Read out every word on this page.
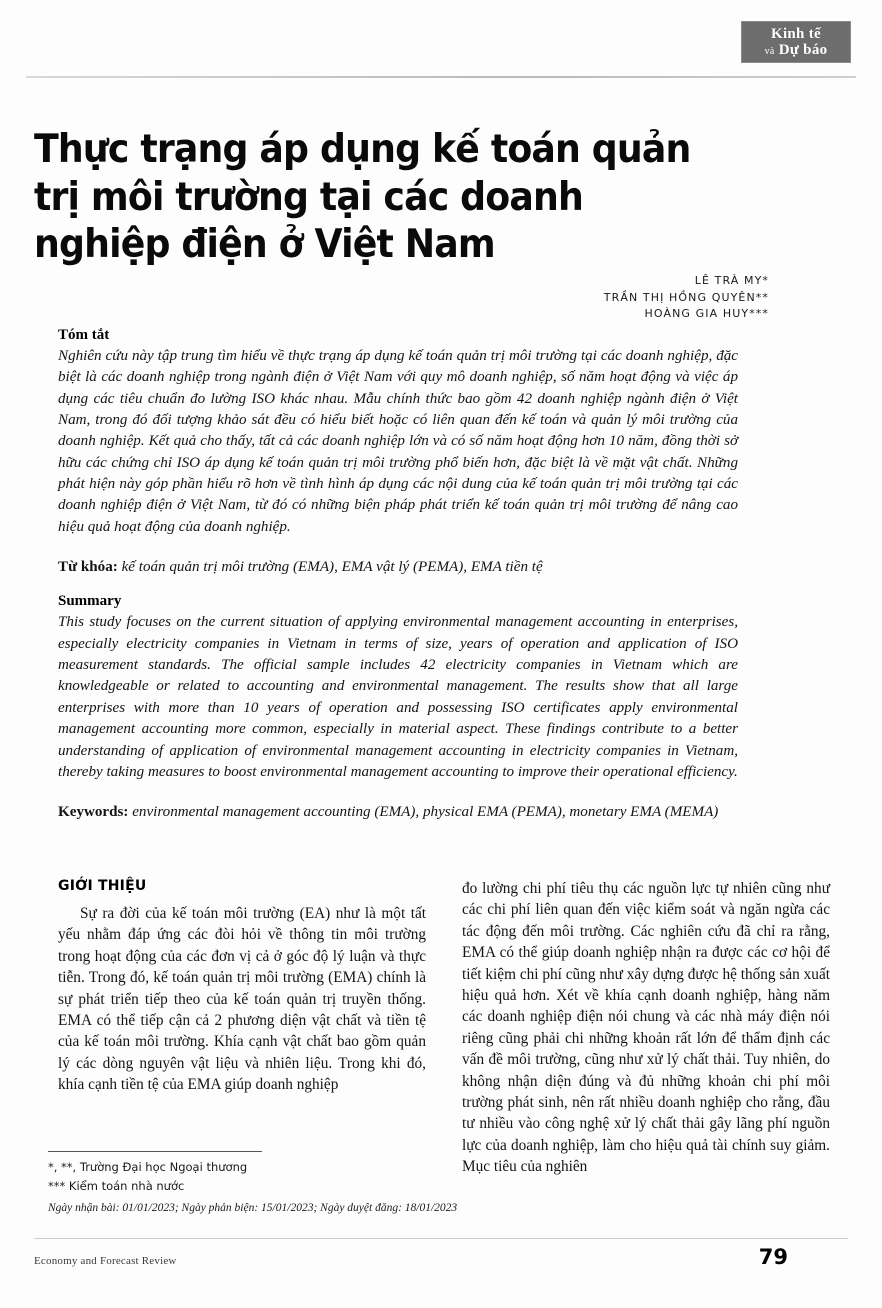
Kinh tế
và Dự báo
Thực trạng áp dụng kế toán quản trị môi trường tại các doanh nghiệp điện ở Việt Nam
LÊ TRÀ MY*
TRẦN THỊ HỒNG QUYÊN**
HOÀNG GIA HUY***
Tóm tắt

Nghiên cứu này tập trung tìm hiểu về thực trạng áp dụng kế toán quản trị môi trường tại các doanh nghiệp, đặc biệt là các doanh nghiệp trong ngành điện ở Việt Nam với quy mô doanh nghiệp, số năm hoạt động và việc áp dụng các tiêu chuẩn đo lường ISO khác nhau. Mẫu chính thức bao gồm 42 doanh nghiệp ngành điện ở Việt Nam, trong đó đối tượng khảo sát đều có hiểu biết hoặc có liên quan đến kế toán và quản lý môi trường của doanh nghiệp. Kết quả cho thấy, tất cả các doanh nghiệp lớn và có số năm hoạt động hơn 10 năm, đồng thời sở hữu các chứng chỉ ISO áp dụng kế toán quản trị môi trường phổ biến hơn, đặc biệt là về mặt vật chất. Những phát hiện này góp phần hiểu rõ hơn về tình hình áp dụng các nội dung của kế toán quản trị môi trường tại các doanh nghiệp điện ở Việt Nam, từ đó có những biện pháp phát triển kế toán quản trị môi trường để nâng cao hiệu quả hoạt động của doanh nghiệp.

Từ khóa: kế toán quản trị môi trường (EMA), EMA vật lý (PEMA), EMA tiền tệ

Summary

This study focuses on the current situation of applying environmental management accounting in enterprises, especially electricity companies in Vietnam in terms of size, years of operation and application of ISO measurement standards. The official sample includes 42 electricity companies in Vietnam which are knowledgeable or related to accounting and environmental management. The results show that all large enterprises with more than 10 years of operation and possessing ISO certificates apply environmental management accounting more common, especially in material aspect. These findings contribute to a better understanding of application of environmental management accounting in electricity companies in Vietnam, thereby taking measures to boost environmental management accounting to improve their operational efficiency.

Keywords: environmental management accounting (EMA), physical EMA (PEMA), monetary EMA (MEMA)

GIỚI THIỆU

Sự ra đời của kế toán môi trường (EA) như là một tất yếu nhằm đáp ứng các đòi hỏi về thông tin môi trường trong hoạt động của các đơn vị cả ở góc độ lý luận và thực tiễn. Trong đó, kế toán quản trị môi trường (EMA) chính là sự phát triển tiếp theo của kế toán quản trị truyền thống. EMA có thể tiếp cận cả 2 phương diện vật chất và tiền tệ của kế toán môi trường. Khía cạnh vật chất bao gồm quản lý các dòng nguyên vật liệu và nhiên liệu. Trong khi đó, khía cạnh tiền tệ của EMA giúp doanh nghiệp

đo lường chi phí tiêu thụ các nguồn lực tự nhiên cũng như các chi phí liên quan đến việc kiểm soát và ngăn ngừa các tác động đến môi trường. Các nghiên cứu đã chỉ ra rằng, EMA có thể giúp doanh nghiệp nhận ra được các cơ hội để tiết kiệm chi phí cũng như xây dựng được hệ thống sản xuất hiệu quả hơn. Xét về khía cạnh doanh nghiệp, hàng năm các doanh nghiệp điện nói chung và các nhà máy điện nói riêng cũng phải chi những khoản rất lớn để thẩm định các vấn đề môi trường, cũng như xử lý chất thải. Tuy nhiên, do không nhận diện đúng và đủ những khoản chi phí môi trường phát sinh, nên rất nhiều doanh nghiệp cho rằng, đầu tư nhiều vào công nghệ xử lý chất thải gây lãng phí nguồn lực của doanh nghiệp, làm cho hiệu quả tài chính suy giảm. Mục tiêu của nghiên

*, **, Trường Đại học Ngoại thương

*** Kiểm toán nhà nước

Ngày nhận bài: 01/01/2023; Ngày phản biện: 15/01/2023; Ngày duyệt đăng: 18/01/2023

Economy and Forecast Review	79
